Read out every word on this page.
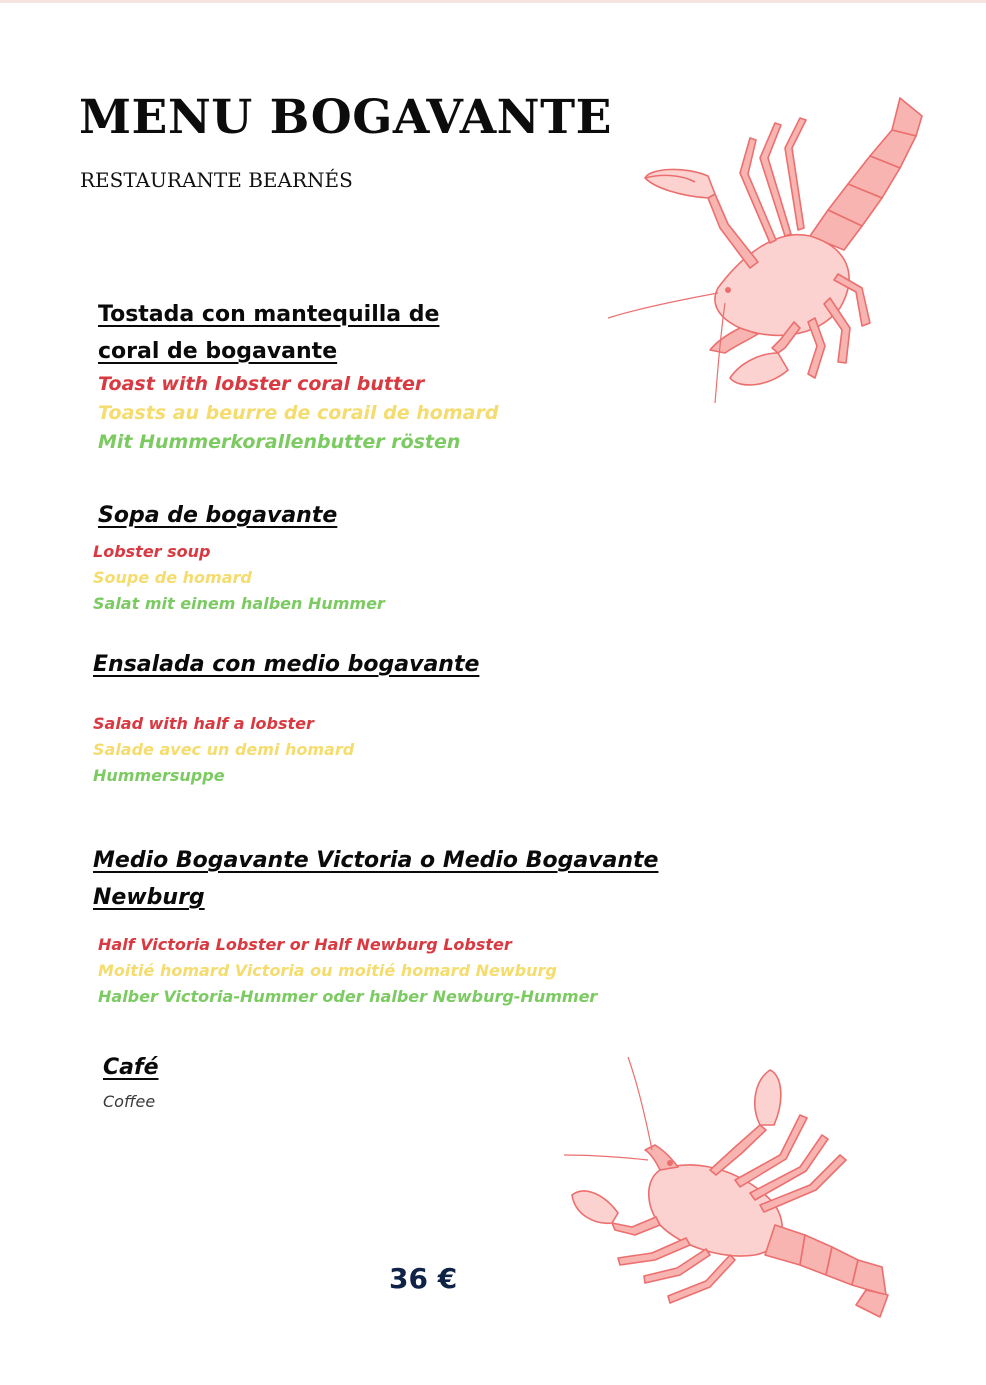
MENU BOGAVANTE
RESTAURANTE BEARNÉS

Tostada con mantequilla de

coral de bogavante

Toast with lobster coral butter

Toasts au beurre de corail de homard

Mit Hummerkorallenbutter rösten

Sopa de bogavante

Lobster soup

Soupe de homard

Salat mit einem halben Hummer

Ensalada con medio bogavante

Salad with half a lobster

Salade avec un demi homard

Hummersuppe

Medio Bogavante Victoria o Medio Bogavante

Newburg

Half Victoria Lobster or Half Newburg Lobster

Moitié homard Victoria ou moitié homard Newburg

Halber Victoria-Hummer oder halber Newburg-Hummer

Café

Coffee

36 €
